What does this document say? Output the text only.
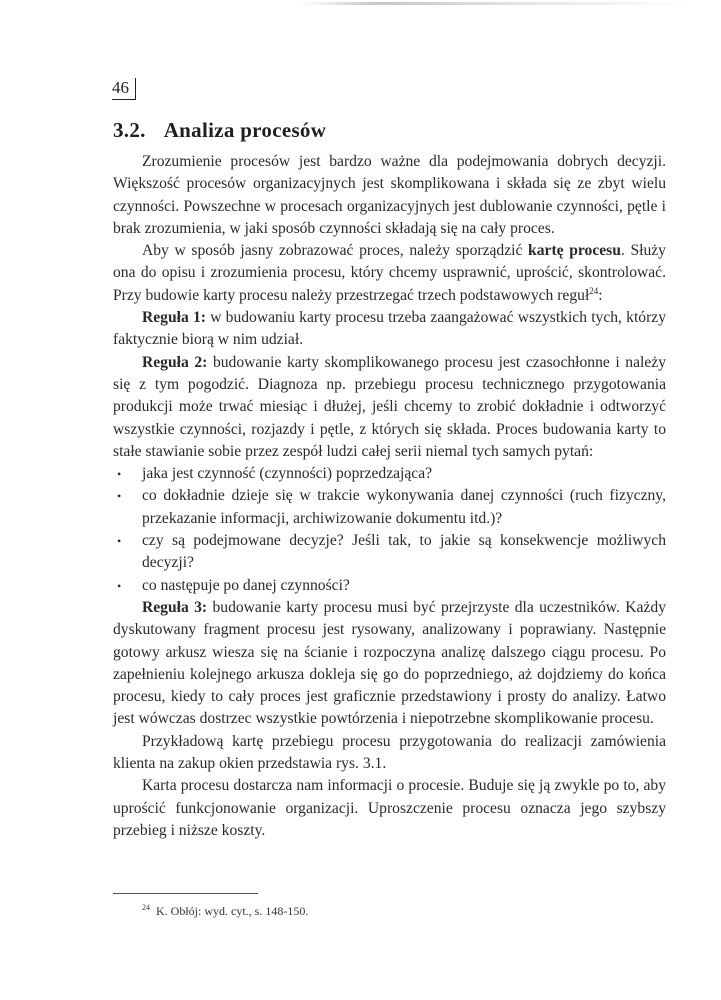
46
3.2. Analiza procesów

Zrozumienie procesów jest bardzo ważne dla podejmowania dobrych decyzji. Większość procesów organizacyjnych jest skomplikowana i składa się ze zbyt wielu czynności. Powszechne w procesach organizacyjnych jest dublowanie czynności, pętle i brak zrozumienia, w jaki sposób czynności składają się na cały proces.

Aby w sposób jasny zobrazować proces, należy sporządzić kartę procesu. Służy ona do opisu i zrozumienia procesu, który chcemy usprawnić, uprościć, skontrolować. Przy budowie karty procesu należy przestrzegać trzech podstawowych reguł$^{24}$:

Reguła 1: w budowaniu karty procesu trzeba zaangażować wszystkich tych, którzy faktycznie biorą w nim udział.

Reguła 2: budowanie karty skomplikowanego procesu jest czasochłonne i należy się z tym pogodzić. Diagnoza np. przebiegu procesu technicznego przygotowania produkcji może trwać miesiąc i dłużej, jeśli chcemy to zrobić dokładnie i odtworzyć wszystkie czynności, rozjazdy i pętle, z których się składa. Proces budowania karty to stałe stawianie sobie przez zespół ludzi całej serii niemal tych samych pytań:

• jaka jest czynność (czynności) poprzedzająca?
• co dokładnie dzieje się w trakcie wykonywania danej czynności (ruch fizyczny, przekazanie informacji, archiwizowanie dokumentu itd.)?
• czy są podejmowane decyzje? Jeśli tak, to jakie są konsekwencje możliwych decyzji?
• co następuje po danej czynności?

Reguła 3: budowanie karty procesu musi być przejrzyste dla uczestników. Każdy dyskutowany fragment procesu jest rysowany, analizowany i poprawiany. Następnie gotowy arkusz wiesza się na ścianie i rozpoczyna analizę dalszego ciągu procesu. Po zapełnieniu kolejnego arkusza dokleja się go do poprzedniego, aż dojdziemy do końca procesu, kiedy to cały proces jest graficznie przedstawiony i prosty do analizy. Łatwo jest wówczas dostrzec wszystkie powtórzenia i niepotrzebne skomplikowanie procesu.

Przykładową kartę przebiegu procesu przygotowania do realizacji zamówienia klienta na zakup okien przedstawia rys. 3.1.

Karta procesu dostarcza nam informacji o procesie. Buduje się ją zwykle po to, aby uprościć funkcjonowanie organizacji. Uproszczenie procesu oznacza jego szybszy przebieg i niższe koszty.

$^{24}$ K. Obłój: wyd. cyt., s. 148-150.
